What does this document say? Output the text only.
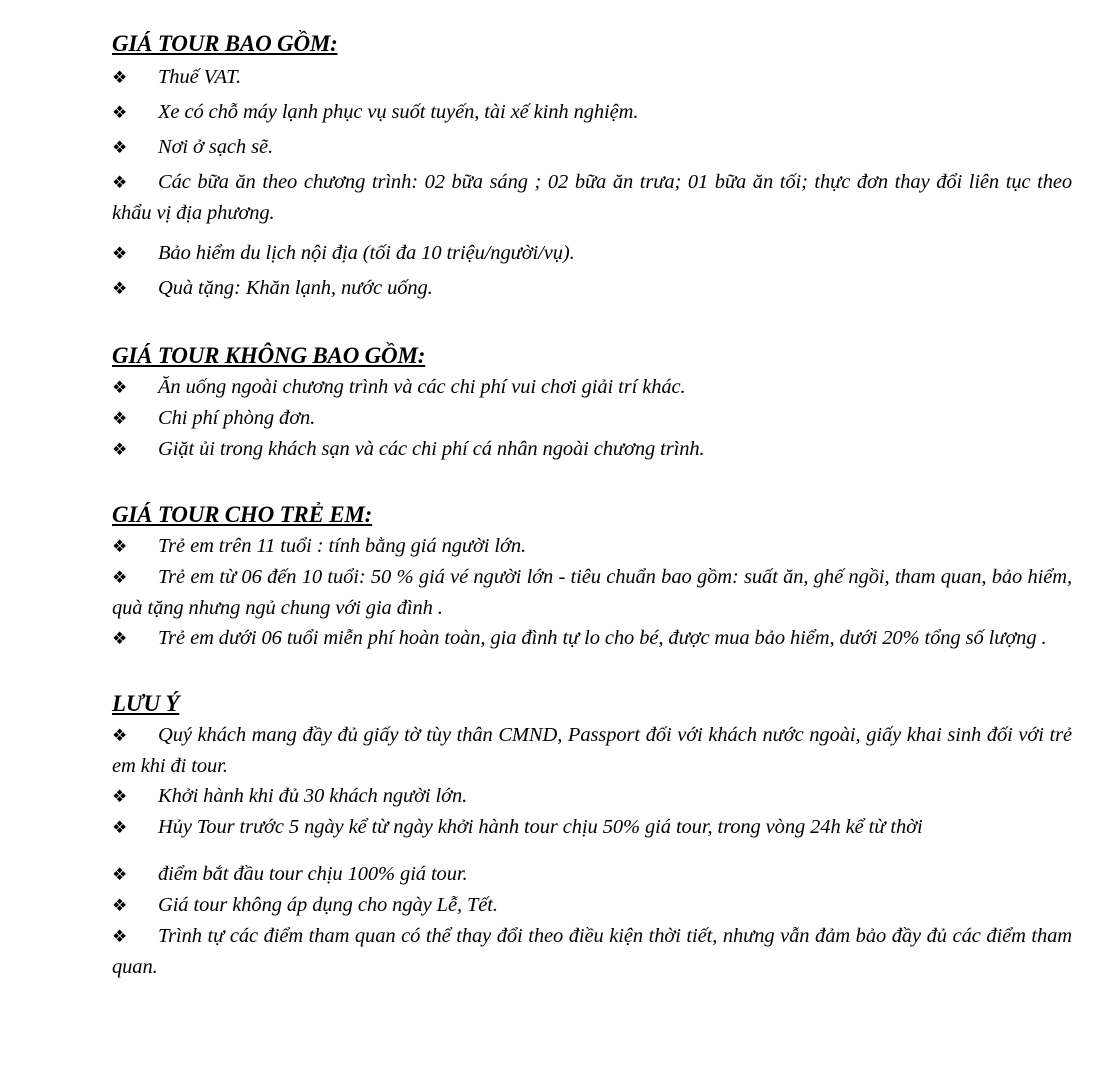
GIÁ TOUR BAO GỒM:

❖ Thuế VAT.

❖ Xe có chỗ máy lạnh phục vụ suốt tuyến, tài xế kinh nghiệm.

❖ Nơi ở sạch sẽ.

❖ Các bữa ăn theo chương trình: 02 bữa sáng ; 02 bữa ăn trưa; 01 bữa ăn tối; thực đơn thay đổi liên tục theo khẩu vị địa phương.

❖ Bảo hiểm du lịch nội địa (tối đa 10 triệu/người/vụ).

❖ Quà tặng: Khăn lạnh, nước uống.

GIÁ TOUR KHÔNG BAO GỒM:

❖ Ăn uống ngoài chương trình và các chi phí vui chơi giải trí khác.

❖ Chi phí phòng đơn.

❖ Giặt ủi trong khách sạn và các chi phí cá nhân ngoài chương trình.

GIÁ TOUR CHO TRẺ EM:

❖ Trẻ em trên 11 tuổi : tính bằng giá người lớn.

❖ Trẻ em từ 06 đến 10 tuổi: 50 % giá vé người lớn - tiêu chuẩn bao gồm: suất ăn, ghế ngồi, tham quan, bảo hiểm, quà tặng nhưng ngủ chung với gia đình .

❖ Trẻ em dưới 06 tuổi miễn phí hoàn toàn, gia đình tự lo cho bé, được mua bảo hiểm, dưới 20% tổng số lượng .

LƯU Ý

❖ Quý khách mang đầy đủ giấy tờ tùy thân CMND, Passport đối với khách nước ngoài, giấy khai sinh đối với trẻ em khi đi tour.

❖ Khởi hành khi đủ 30 khách người lớn.

❖ Hủy Tour trước 5 ngày kể từ ngày khởi hành tour chịu 50% giá tour, trong vòng 24h kể từ thời

❖ điểm bắt đầu tour chịu 100% giá tour.

❖ Giá tour không áp dụng cho ngày Lễ, Tết.

❖ Trình tự các điểm tham quan có thể thay đổi theo điều kiện thời tiết, nhưng vẫn đảm bảo đầy đủ các điểm tham quan.
